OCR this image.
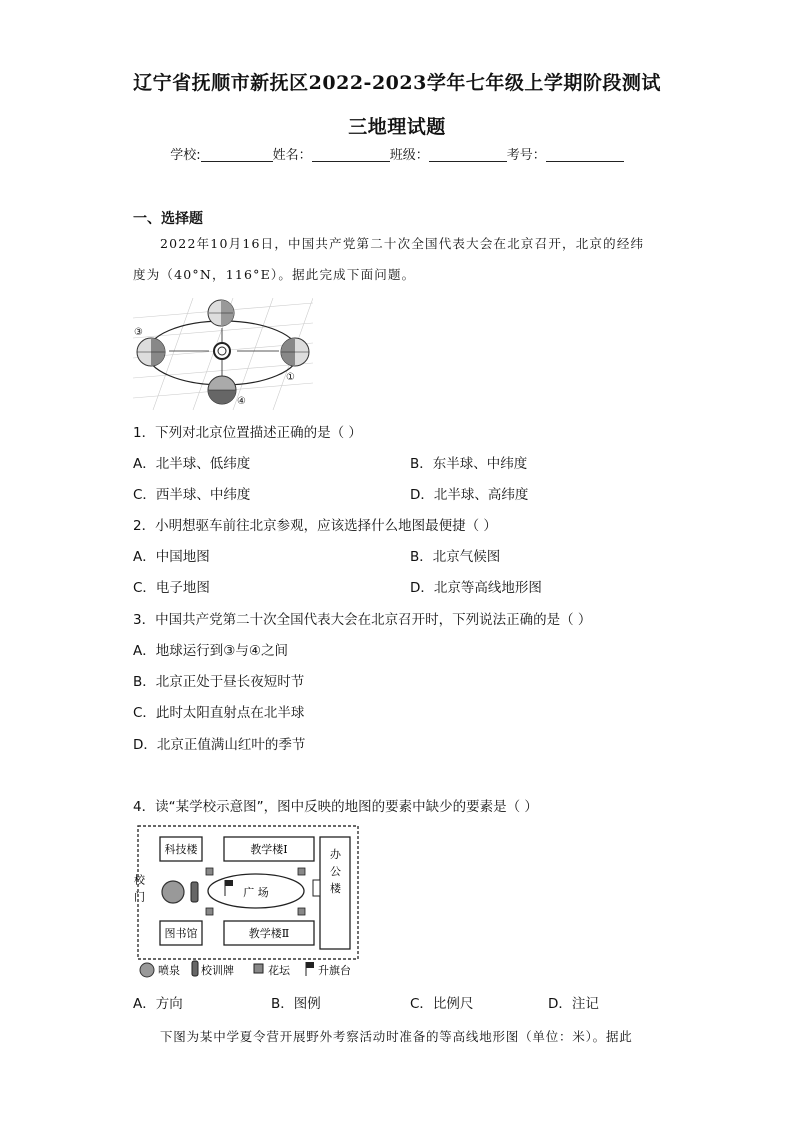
辽宁省抚顺市新抚区2022-2023学年七年级上学期阶段测试
三地理试题
学校:	姓名：	班级：	考号：
一、选择题
2022年10月16日，中国共产党第二十次全国代表大会在北京召开，北京的经纬
度为（40°N，116°E）。据此完成下面问题。
③
①
④
1．下列对北京位置描述正确的是（ ）
A．北半球、低纬度	B．东半球、中纬度
C．西半球、中纬度	D．北半球、高纬度
2．小明想驱车前往北京参观，应该选择什么地图最便捷（ ）
A．中国地图	B．北京气候图
C．电子地图	D．北京等高线地形图
3．中国共产党第二十次全国代表大会在北京召开时，下列说法正确的是（ ）
A．地球运行到③与④之间
B．北京正处于昼长夜短时节
C．此时太阳直射点在北半球
D．北京正值满山红叶的季节
4．读“某学校示意图”，图中反映的地图的要素中缺少的要素是（ ）
科技楼	教学楼Ⅰ	办公楼
校门	广 场
图书馆	教学楼Ⅱ
喷泉 校训牌	花坛	升旗台
A．方向	B．图例	C．比例尺	D．注记
下图为某中学夏令营开展野外考察活动时准备的等高线地形图（单位：米）。据此
